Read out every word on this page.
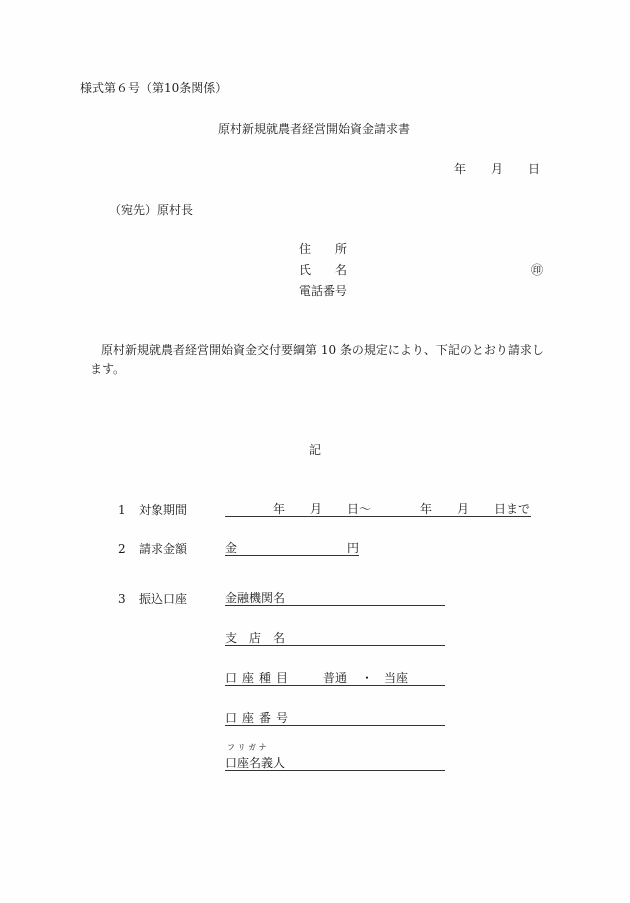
様式第６号（第10条関係）
原村新規就農者経営開始資金請求書
年 月 日
（宛先）原村長
住 所
氏 名	㊞
電話番号
原村新規就農者経営開始資金交付要綱第 10 条の規定により、下記のとおり請求し
ます。
記
1 対象期間	年 月 日〜	年 月 日まで
2 請求金額	金	円
3 振込口座	金融機関名
支 店 名
口 座 種 目	普通 ・ 当座
口 座 番 号
フ リ ガ ナ
口座名義人
